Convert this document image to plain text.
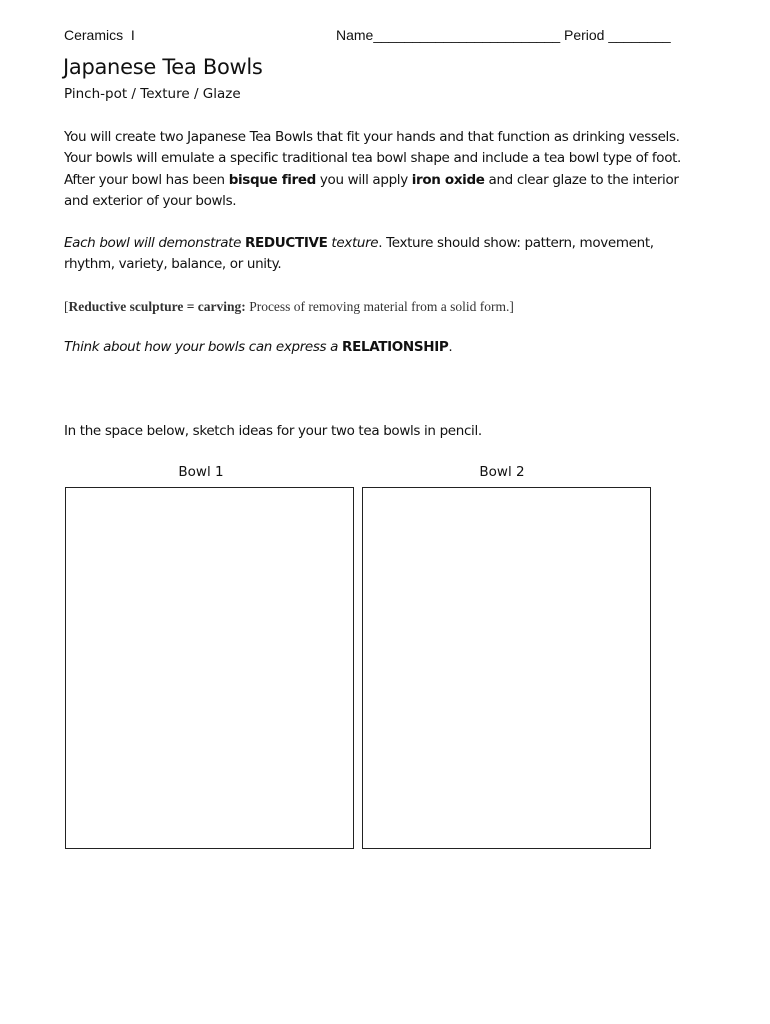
Ceramics  I	Name________________________ Period ________
Japanese Tea Bowls
Pinch-pot / Texture / Glaze
You will create two Japanese Tea Bowls that fit your hands and that function as drinking vessels. Your bowls will emulate a specific traditional tea bowl shape and include a tea bowl type of foot. After your bowl has been bisque fired you will apply iron oxide and clear glaze to the interior and exterior of your bowls.
Each bowl will demonstrate REDUCTIVE texture. Texture should show: pattern, movement, rhythm, variety, balance, or unity.
[Reductive sculpture = carving: Process of removing material from a solid form.]
Think about how your bowls can express a RELATIONSHIP.
In the space below, sketch ideas for your two tea bowls in pencil.
Bowl 1	Bowl 2
